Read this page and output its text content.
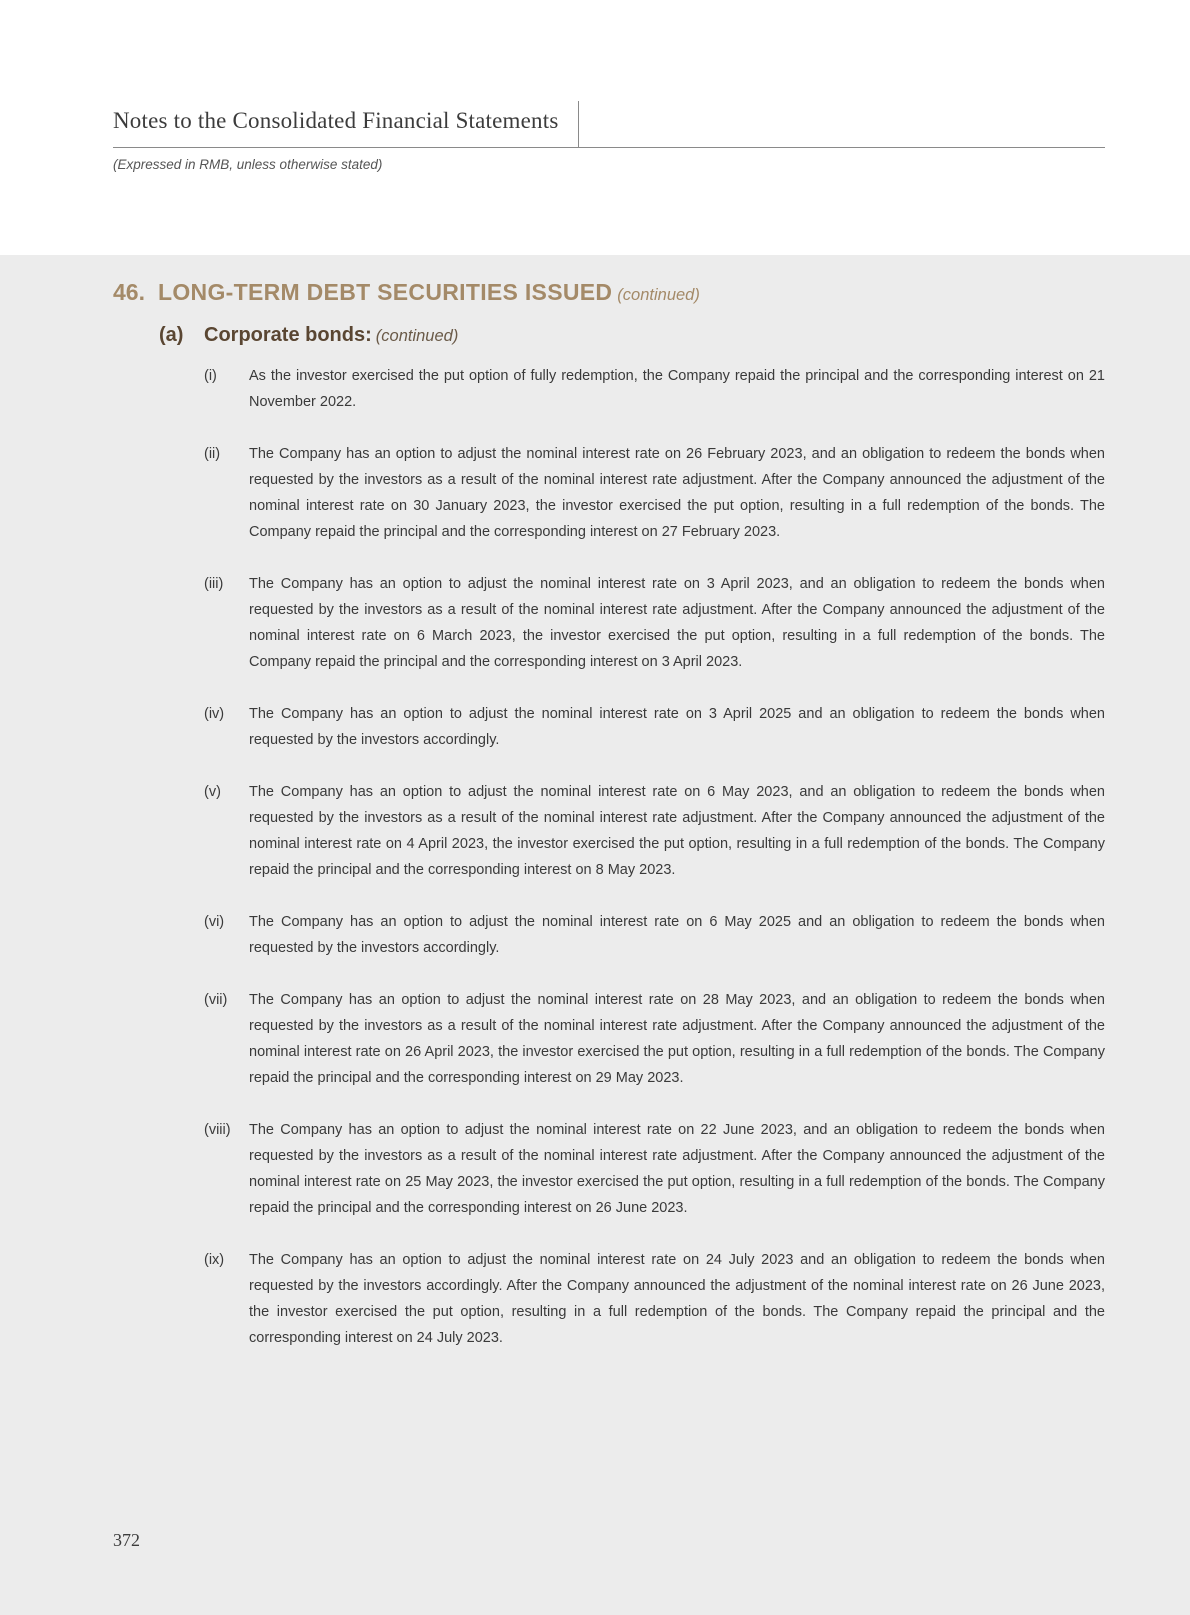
Notes to the Consolidated Financial Statements
(Expressed in RMB, unless otherwise stated)
46. LONG-TERM DEBT SECURITIES ISSUED (continued)
(a) Corporate bonds: (continued)
(i) As the investor exercised the put option of fully redemption, the Company repaid the principal and the corresponding interest on 21 November 2022.
(ii) The Company has an option to adjust the nominal interest rate on 26 February 2023, and an obligation to redeem the bonds when requested by the investors as a result of the nominal interest rate adjustment. After the Company announced the adjustment of the nominal interest rate on 30 January 2023, the investor exercised the put option, resulting in a full redemption of the bonds. The Company repaid the principal and the corresponding interest on 27 February 2023.
(iii) The Company has an option to adjust the nominal interest rate on 3 April 2023, and an obligation to redeem the bonds when requested by the investors as a result of the nominal interest rate adjustment. After the Company announced the adjustment of the nominal interest rate on 6 March 2023, the investor exercised the put option, resulting in a full redemption of the bonds. The Company repaid the principal and the corresponding interest on 3 April 2023.
(iv) The Company has an option to adjust the nominal interest rate on 3 April 2025 and an obligation to redeem the bonds when requested by the investors accordingly.
(v) The Company has an option to adjust the nominal interest rate on 6 May 2023, and an obligation to redeem the bonds when requested by the investors as a result of the nominal interest rate adjustment. After the Company announced the adjustment of the nominal interest rate on 4 April 2023, the investor exercised the put option, resulting in a full redemption of the bonds. The Company repaid the principal and the corresponding interest on 8 May 2023.
(vi) The Company has an option to adjust the nominal interest rate on 6 May 2025 and an obligation to redeem the bonds when requested by the investors accordingly.
(vii) The Company has an option to adjust the nominal interest rate on 28 May 2023, and an obligation to redeem the bonds when requested by the investors as a result of the nominal interest rate adjustment. After the Company announced the adjustment of the nominal interest rate on 26 April 2023, the investor exercised the put option, resulting in a full redemption of the bonds. The Company repaid the principal and the corresponding interest on 29 May 2023.
(viii) The Company has an option to adjust the nominal interest rate on 22 June 2023, and an obligation to redeem the bonds when requested by the investors as a result of the nominal interest rate adjustment. After the Company announced the adjustment of the nominal interest rate on 25 May 2023, the investor exercised the put option, resulting in a full redemption of the bonds. The Company repaid the principal and the corresponding interest on 26 June 2023.
(ix) The Company has an option to adjust the nominal interest rate on 24 July 2023 and an obligation to redeem the bonds when requested by the investors accordingly. After the Company announced the adjustment of the nominal interest rate on 26 June 2023, the investor exercised the put option, resulting in a full redemption of the bonds. The Company repaid the principal and the corresponding interest on 24 July 2023.
372
